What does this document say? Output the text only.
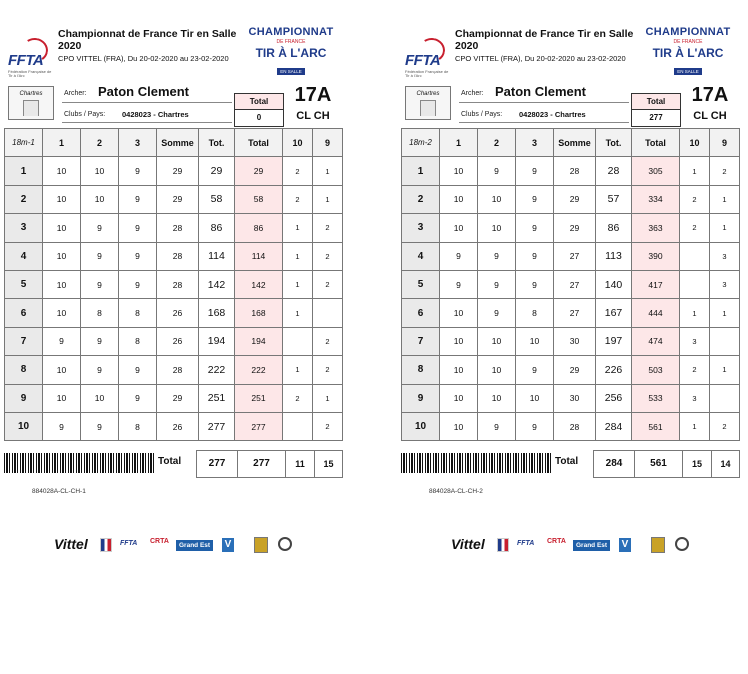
FFTA
Fédération Française de Tir à l'Arc
Championnat de France Tir en Salle 2020
CPO VITTEL (FRA), Du 20-02-2020 au 23-02-2020
CHAMPIONNAT
DE FRANCE
TIR À L'ARC
EN SALLE
Chartres	Archer: Paton Clement
Clubs / Pays: 0428023 - Chartres
Total
0
17A
CL CH
18m-1	1	2	3	Somme	Tot.	Total	10	9
1	10	10	9	29	29	29	2	1
2	10	10	9	29	58	58	2	1
3	10	9	9	28	86	86	1	2
4	10	9	9	28	114	114	1	2
5	10	9	9	28	142	142	1	2
6	10	8	8	26	168	168	1	
7	9	9	8	26	194	194		2
8	10	9	9	28	222	222	1	2
9	10	10	9	29	251	251	2	1
10	9	9	8	26	277	277		2
Total	277	277	11	15
884028A-CL-CH-1
Vittel	FFTA CRTA
Grand Est	V
FFTA
Fédération Française de Tir à l'Arc
Championnat de France Tir en Salle 2020
CPO VITTEL (FRA), Du 20-02-2020 au 23-02-2020
CHAMPIONNAT
DE FRANCE
TIR À L'ARC
EN SALLE
Chartres	Archer: Paton Clement
Clubs / Pays: 0428023 - Chartres
Total
277
17A
CL CH
18m-2	1	2	3	Somme	Tot.	Total	10	9
1	10	9	9	28	28	305	1	2
2	10	10	9	29	57	334	2	1
3	10	10	9	29	86	363	2	1
4	9	9	9	27	113	390		3
5	9	9	9	27	140	417		3
6	10	9	8	27	167	444	1	1
7	10	10	10	30	197	474	3	
8	10	10	9	29	226	503	2	1
9	10	10	10	30	256	533	3	
10	10	9	9	28	284	561	1	2
Total	284	561	15	14
884028A-CL-CH-2
Vittel	FFTA CRTA
Grand Est	V
